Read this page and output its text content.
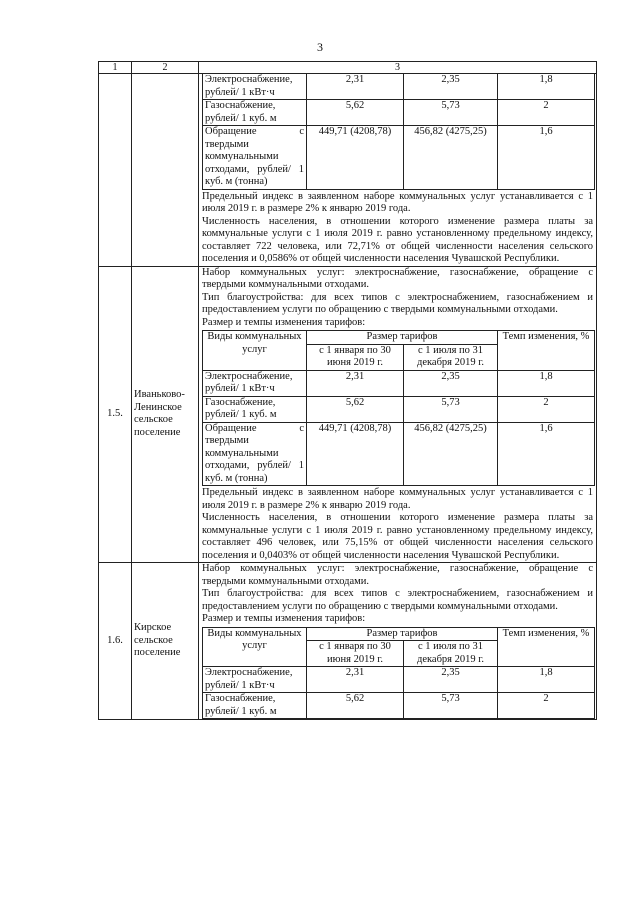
3
1	2	3

Электроснабжение, рублей/ 1 кВт·ч	2,31	2,35	1,8
Газоснабжение, рублей/ 1 куб. м	5,62	5,73	2
Обращение с твердыми коммунальными отходами, рублей/ 1 куб. м (тонна)	449,71 (4208,78)	456,82 (4275,25)	1,6

Предельный индекс в заявленном наборе коммунальных услуг устанавливается с 1 июля 2019 г. в размере 2% к январю 2019 года.

Численность населения, в отношении которого изменение размера платы за коммунальные услуги с 1 июля 2019 г. равно установленному предельному индексу, составляет 722 человека, или 72,71% от общей численности населения сельского поселения и 0,0586% от общей численности населения Чувашской Республики.

1.5.	Иваньково-Ленинское сельское поселение	

Набор коммунальных услуг: электроснабжение, газоснабжение, обращение с твердыми коммунальными отходами.

Тип благоустройства: для всех типов с электроснабжением, газоснабжением и предоставлением услуги по обращению с твердыми коммунальными отходами.

Размер и темпы изменения тарифов:

Виды коммунальных услуг	Размер тарифов	Темп изменения, %
с 1 января по 30 июня 2019 г.	с 1 июля по 31 декабря 2019 г.
Электроснабжение, рублей/ 1 кВт·ч	2,31	2,35	1,8
Газоснабжение, рублей/ 1 куб. м	5,62	5,73	2
Обращение с твердыми коммунальными отходами, рублей/ 1 куб. м (тонна)	449,71 (4208,78)	456,82 (4275,25)	1,6

Предельный индекс в заявленном наборе коммунальных услуг устанавливается с 1 июля 2019 г. в размере 2% к январю 2019 года.

Численность населения, в отношении которого изменение размера платы за коммунальные услуги с 1 июля 2019 г. равно установленному предельному индексу, составляет 496 человек, или 75,15% от общей численности населения сельского поселения и 0,0403% от общей численности населения Чувашской Республики.

1.6.	Кирское сельское поселение	

Набор коммунальных услуг: электроснабжение, газоснабжение, обращение с твердыми коммунальными отходами.

Тип благоустройства: для всех типов с электроснабжением, газоснабжением и предоставлением услуги по обращению с твердыми коммунальными отходами.

Размер и темпы изменения тарифов:

Виды коммунальных услуг	Размер тарифов	Темп изменения, %
с 1 января по 30 июня 2019 г.	с 1 июля по 31 декабря 2019 г.
Электроснабжение, рублей/ 1 кВт·ч	2,31	2,35	1,8
Газоснабжение, рублей/ 1 куб. м	5,62	5,73	2
